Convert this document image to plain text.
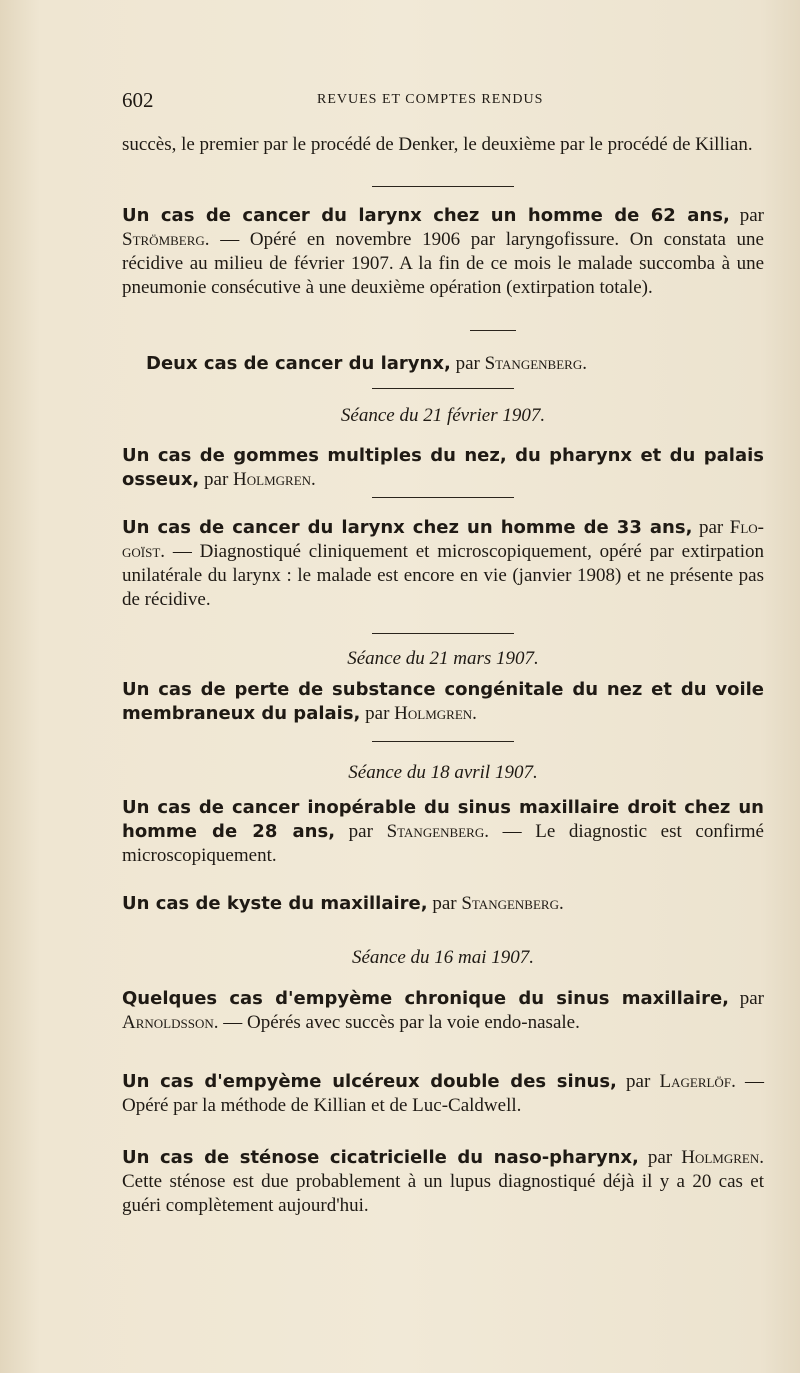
602	REVUES ET COMPTES RENDUS

succès, le premier par le procédé de Denker, le deuxième par le procédé de Killian.

Un cas de cancer du larynx chez un homme de 62 ans, par Strömberg. — Opéré en novembre 1906 par laryngofissure. On constata une récidive au milieu de février 1907. A la fin de ce mois le malade succomba à une pneumonie consécutive à une deuxième opération (extirpation totale).

Deux cas de cancer du larynx, par Stangenberg.

Séance du 21 février 1907.

Un cas de gommes multiples du nez, du pharynx et du palais osseux, par Holmgren.

Un cas de cancer du larynx chez un homme de 33 ans, par Flo-goïst. — Diagnostiqué cliniquement et microscopiquement, opéré par extirpation unilatérale du larynx : le malade est encore en vie (janvier 1908) et ne présente pas de récidive.

Séance du 21 mars 1907.

Un cas de perte de substance congénitale du nez et du voile membraneux du palais, par Holmgren.

Séance du 18 avril 1907.

Un cas de cancer inopérable du sinus maxillaire droit chez un homme de 28 ans, par Stangenberg. — Le diagnostic est confirmé microscopiquement.

Un cas de kyste du maxillaire, par Stangenberg.

Séance du 16 mai 1907.

Quelques cas d'empyème chronique du sinus maxillaire, par Arnoldsson. — Opérés avec succès par la voie endo-nasale.

Un cas d'empyème ulcéreux double des sinus, par Lagerlöf. — Opéré par la méthode de Killian et de Luc-Caldwell.

Un cas de sténose cicatricielle du naso-pharynx, par Holmgren. Cette sténose est due probablement à un lupus diagnostiqué déjà il y a 20 cas et guéri complètement aujourd'hui.
